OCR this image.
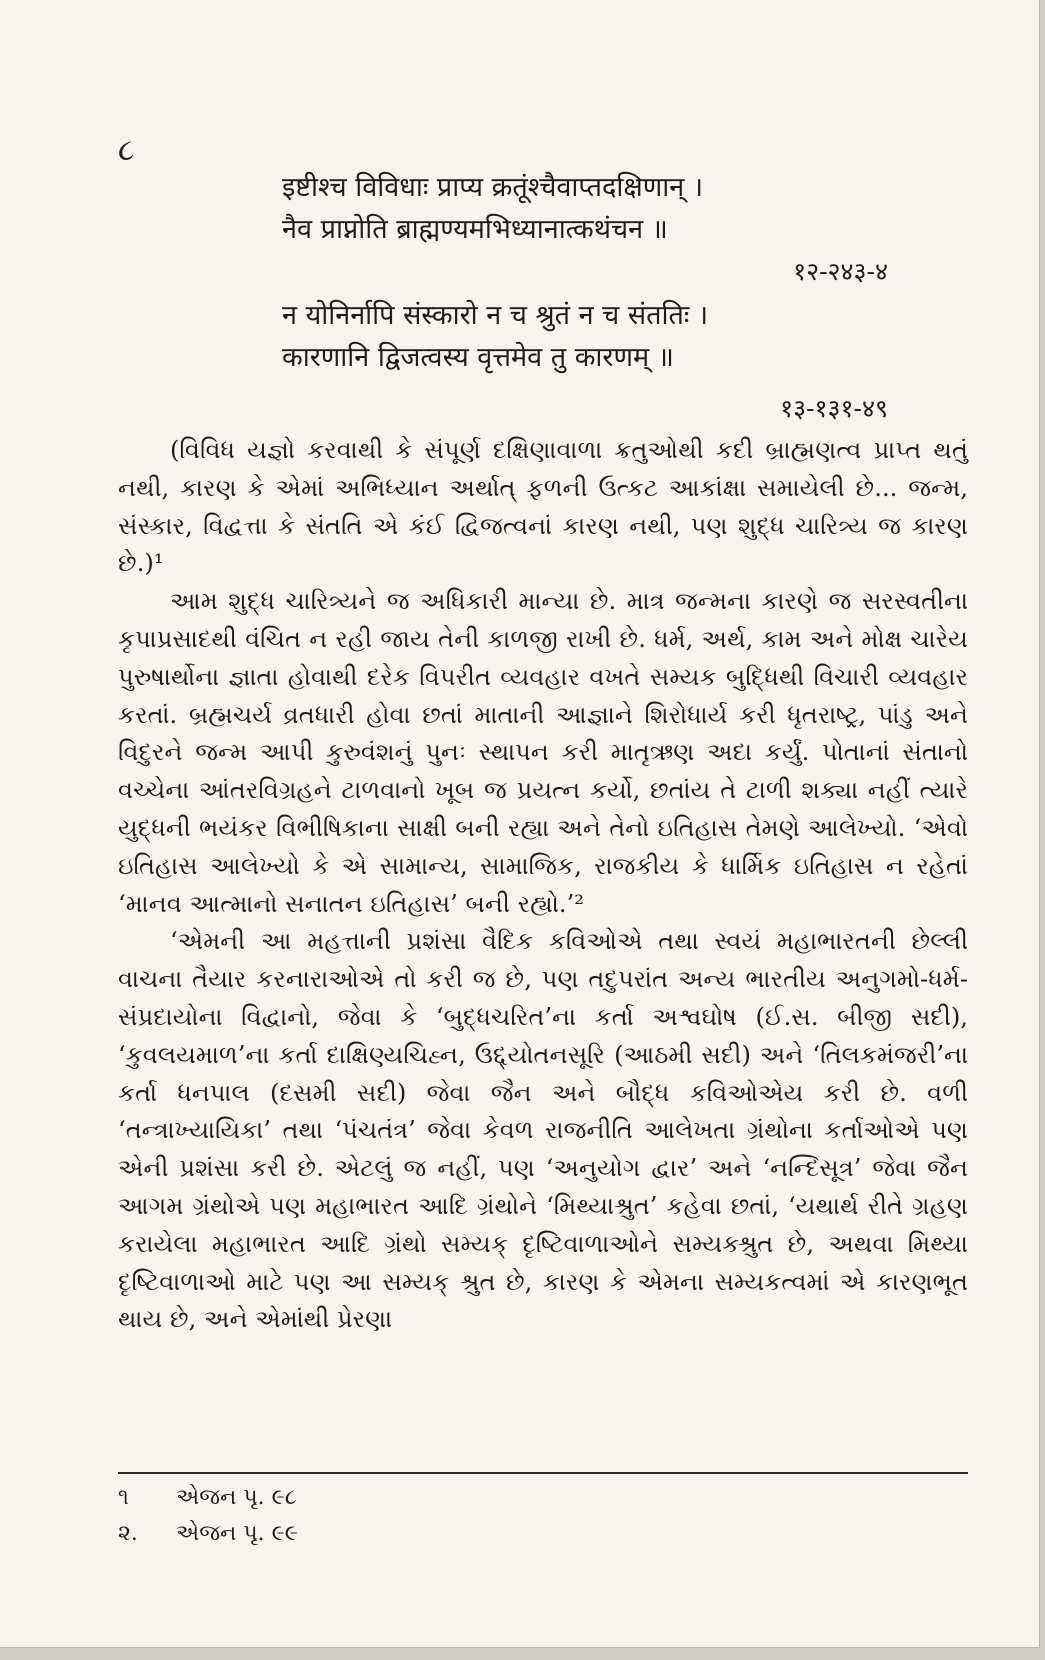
૮
इष्टीश्च विविधाः प्राप्य क्रतूंश्चैवाप्तदक्षिणान् ।
नैव प्राप्नोति ब्राह्मण्यमभिध्यानात्कथंचन ॥
१२-२४३-४
न योनिर्नापि संस्कारो न च श्रुतं न च संततिः ।
कारणानि द्विजत्वस्य वृत्तमेव तु कारणम् ॥
१३-१३१-४९

(વિવિધ યજ્ઞો કરવાથી કે સંપૂર્ણ દક્ષિણાવાળા ક્રતુઓથી કદી બ્રાહ્મણત્વ પ્રાપ્ત થતું નથી, કારણ કે એમાં અભિધ્યાન અર્થાત્ ફળની ઉત્કટ આકાંક્ષા સમાયેલી છે... જન્મ, સંસ્કાર, વિદ્વત્તા કે સંતતિ એ કંઈ દ્વિજત્વનાં કારણ નથી, પણ શુદ્ધ ચારિત્ર્ય જ કારણ છે.)¹

આમ શુદ્ધ ચારિત્ર્યને જ અધિકારી માન્યા છે. માત્ર જન્મના કારણે જ સરસ્વતીના કૃપાપ્રસાદથી વંચિત ન રહી જાય તેની કાળજી રાખી છે. ધર્મ, અર્થ, કામ અને મોક્ષ ચારેય પુરુષાર્થોના જ્ઞાતા હોવાથી દરેક વિપરીત વ્યવહાર વખતે સમ્યક બુદ્ધિથી વિચારી વ્યવહાર કરતાં. બ્રહ્મચર્ય વ્રતધારી હોવા છતાં માતાની આજ્ઞાને શિરોધાર્ય કરી ધૃતરાષ્ટ્ર, પાંડુ અને વિદુરને જન્મ આપી કુરુવંશનું પુનઃ સ્થાપન કરી માતૃઋણ અદા કર્યું. પોતાનાં સંતાનો વચ્ચેના આંતરવિગ્રહને ટાળવાનો ખૂબ જ પ્રયત્ન કર્યો, છતાંય તે ટાળી શક્યા નહીં ત્યારે યુદ્ધની ભયંકર વિભીષિકાના સાક્ષી બની રહ્યા અને તેનો ઇતિહાસ તેમણે આલેખ્યો. ‘એવો ઇતિહાસ આલેખ્યો કે એ સામાન્ય, સામાજિક, રાજકીય કે ધાર્મિક ઇતિહાસ ન રહેતાં ‘માનવ આત્માનો સનાતન ઇતિહાસ’ બની રહ્યો.’²

‘એમની આ મહત્તાની પ્રશંસા વૈદિક કવિઓએ તથા સ્વયં મહાભારતની છેલ્લી વાચના તૈયાર કરનારાઓએ તો કરી જ છે, પણ તદુપરાંત અન્ય ભારતીય અનુગમો-ધર્મ-સંપ્રદાયોના વિદ્વાનો, જેવા કે ‘બુદ્ધચરિત’ના કર્તા અશ્વઘોષ (ઈ.સ. બીજી સદી), ‘કુવલયમાળ’ના કર્તા દાક્ષિણ્યચિહ્ન, ઉદ્દ્યોતનસૂરિ (આઠમી સદી) અને ‘તિલકમંજરી’ના કર્તા ધનપાલ (દસમી સદી) જેવા જૈન અને બૌદ્ધ કવિઓએય કરી છે. વળી ‘તન્ત્રાખ્યાયિકા’ તથા ‘પંચતંત્ર’ જેવા કેવળ રાજનીતિ આલેખતા ગ્રંથોના કર્તાઓએ પણ એની પ્રશંસા કરી છે. એટલું જ નહીં, પણ ‘અનુયોગ દ્વાર’ અને ‘નન્દિસૂત્ર’ જેવા જૈન આગમ ગ્રંથોએ પણ મહાભારત આદિ ગ્રંથોને ‘મિથ્યાશ્રુત’ કહેવા છતાં, ‘યથાર્થ રીતે ગ્રહણ કરાયેલા મહાભારત આદિ ગ્રંથો સમ્યક્ દૃષ્ટિવાળાઓને સમ્યક્શ્રુત છે, અથવા મિથ્યા દૃષ્ટિવાળાઓ માટે પણ આ સમ્યક્ શ્રુત છે, કારણ કે એમના સમ્યકત્વમાં એ કારણભૂત થાય છે, અને એમાંથી પ્રેરણા

૧	એજન પૃ. ૯૮
૨.	એજન પૃ. ૯૯
